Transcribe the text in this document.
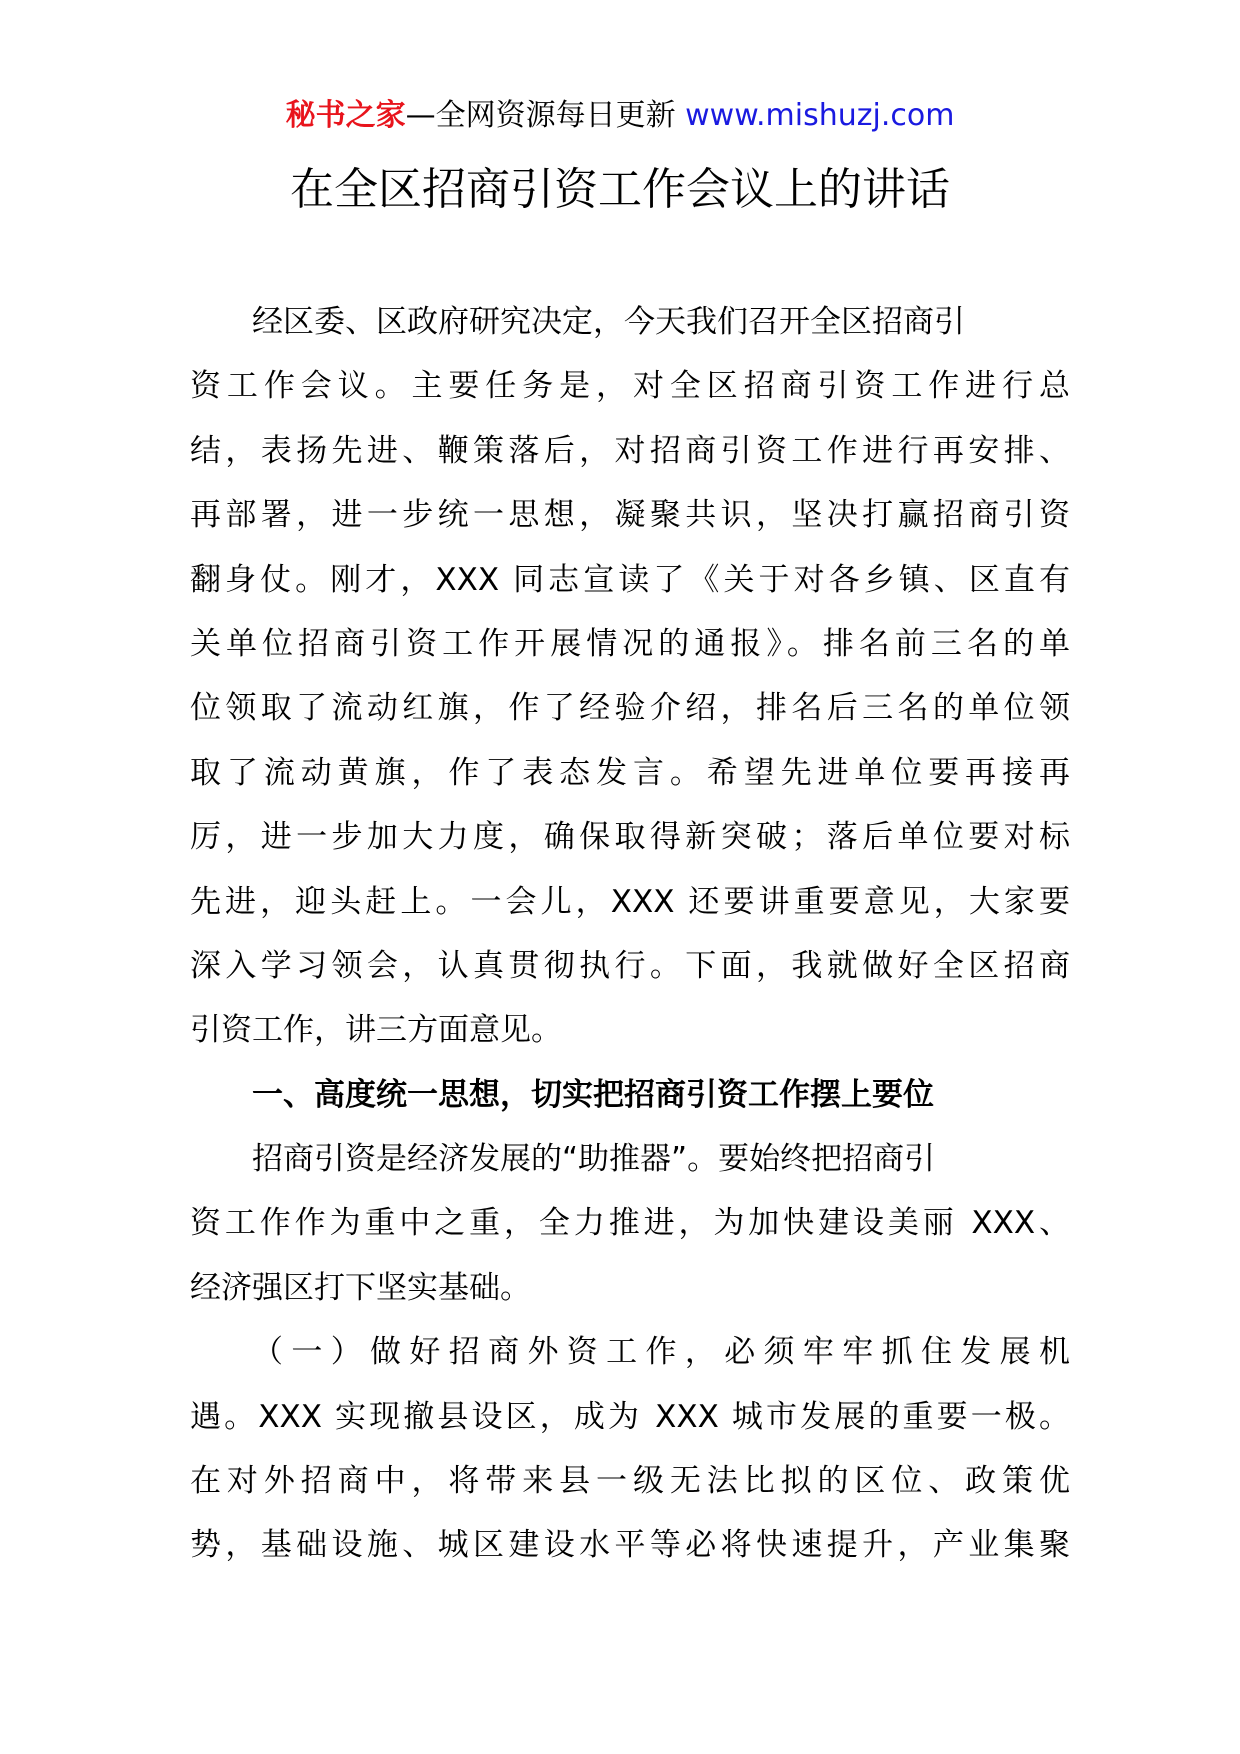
秘书之家—全网资源每日更新 www.mishuzj.com
在全区招商引资工作会议上的讲话
经区委、区政府研究决定，今天我们召开全区招商引
资工作会议。主要任务是，对全区招商引资工作进行总
结，表扬先进、鞭策落后，对招商引资工作进行再安排、
再部署，进一步统一思想，凝聚共识，坚决打赢招商引资
翻身仗。刚才，XXX 同志宣读了《关于对各乡镇、区直有
关单位招商引资工作开展情况的通报》。排名前三名的单
位领取了流动红旗，作了经验介绍，排名后三名的单位领
取了流动黄旗，作了表态发言。希望先进单位要再接再
厉，进一步加大力度，确保取得新突破；落后单位要对标
先进，迎头赶上。一会儿，XXX 还要讲重要意见，大家要
深入学习领会，认真贯彻执行。下面，我就做好全区招商
引资工作，讲三方面意见。
一、高度统一思想，切实把招商引资工作摆上要位
招商引资是经济发展的“助推器”。要始终把招商引
资工作作为重中之重，全力推进，为加快建设美丽 XXX、
经济强区打下坚实基础。
（一）做好招商外资工作，必须牢牢抓住发展机
遇。XXX 实现撤县设区，成为 XXX 城市发展的重要一极。
在对外招商中，将带来县一级无法比拟的区位、政策优
势，基础设施、城区建设水平等必将快速提升，产业集聚
